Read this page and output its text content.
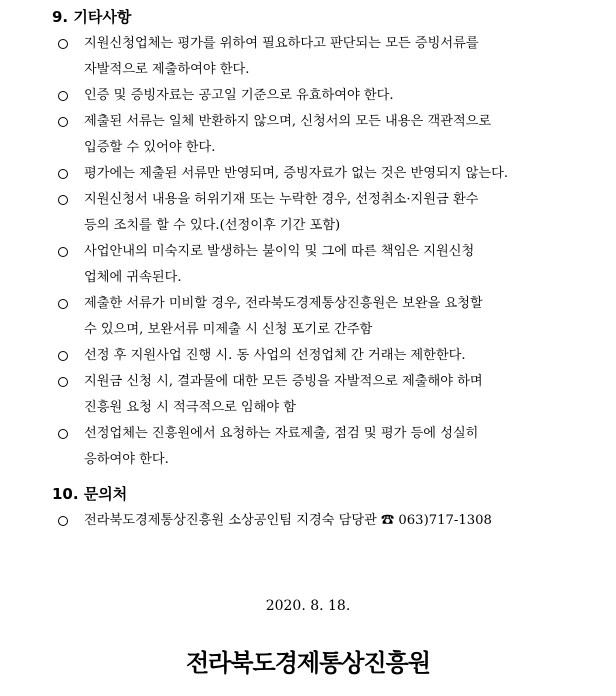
9. 기타사항
지원신청업체는 평가를 위하여 필요하다고 판단되는 모든 증빙서류를
자발적으로 제출하여야 한다.
인증 및 증빙자료는 공고일 기준으로 유효하여야 한다.
제출된 서류는 일체 반환하지 않으며, 신청서의 모든 내용은 객관적으로
입증할 수 있어야 한다.
평가에는 제출된 서류만 반영되며, 증빙자료가 없는 것은 반영되지 않는다.
지원신청서 내용을 허위기재 또는 누락한 경우, 선정취소·지원금 환수
등의 조치를 할 수 있다.(선정이후 기간 포함)
사업안내의 미숙지로 발생하는 불이익 및 그에 따른 책임은 지원신청
업체에 귀속된다.
제출한 서류가 미비할 경우, 전라북도경제통상진흥원은 보완을 요청할
수 있으며, 보완서류 미제출 시 신청 포기로 간주함
선정 후 지원사업 진행 시. 동 사업의 선정업체 간 거래는 제한한다.
지원금 신청 시, 결과물에 대한 모든 증빙을 자발적으로 제출해야 하며
진흥원 요청 시 적극적으로 임해야 함
선정업체는 진흥원에서 요청하는 자료제출, 점검 및 평가 등에 성실히
응하여야 한다.
10. 문의처
전라북도경제통상진흥원 소상공인팀 지경숙 담당관 ☎ 063)717-1308
2020. 8. 18.
전라북도경제통상진흥원
